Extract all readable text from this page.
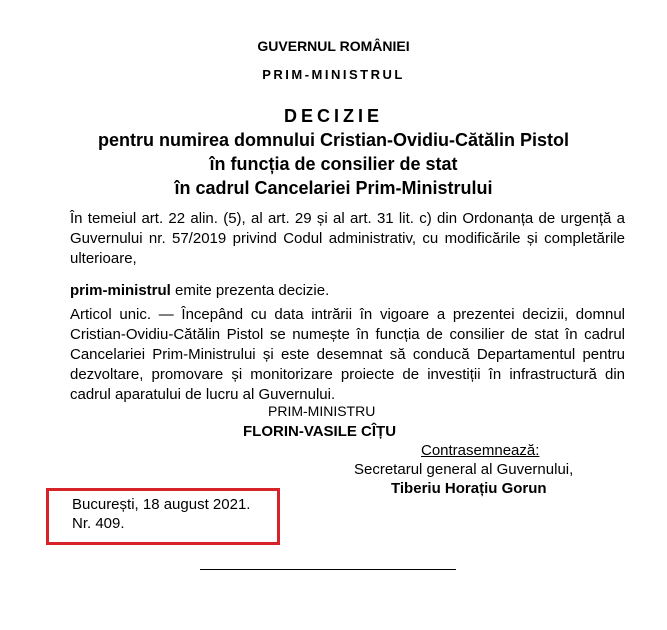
GUVERNUL ROMÂNIEI
PRIM-MINISTRUL
DECIZIE
pentru numirea domnului Cristian-Ovidiu-Cătălin Pistol
în funcția de consilier de stat
în cadrul Cancelariei Prim-Ministrului
În temeiul art. 22 alin. (5), al art. 29 și al art. 31 lit. c) din Ordonanța de urgență a Guvernului nr. 57/2019 privind Codul administrativ, cu modificările și completările ulterioare,
prim-ministrul emite prezenta decizie.
Articol unic. — Începând cu data intrării în vigoare a prezentei decizii, domnul Cristian-Ovidiu-Cătălin Pistol se numește în funcția de consilier de stat în cadrul Cancelariei Prim-Ministrului și este desemnat să conducă Departamentul pentru dezvoltare, promovare și monitorizare proiecte de investiții în infrastructură din cadrul aparatului de lucru al Guvernului.
PRIM-MINISTRU
FLORIN-VASILE CÎȚU
Contrasemnează:
Secretarul general al Guvernului,
Tiberiu Horațiu Gorun
București, 18 august 2021.
Nr. 409.
